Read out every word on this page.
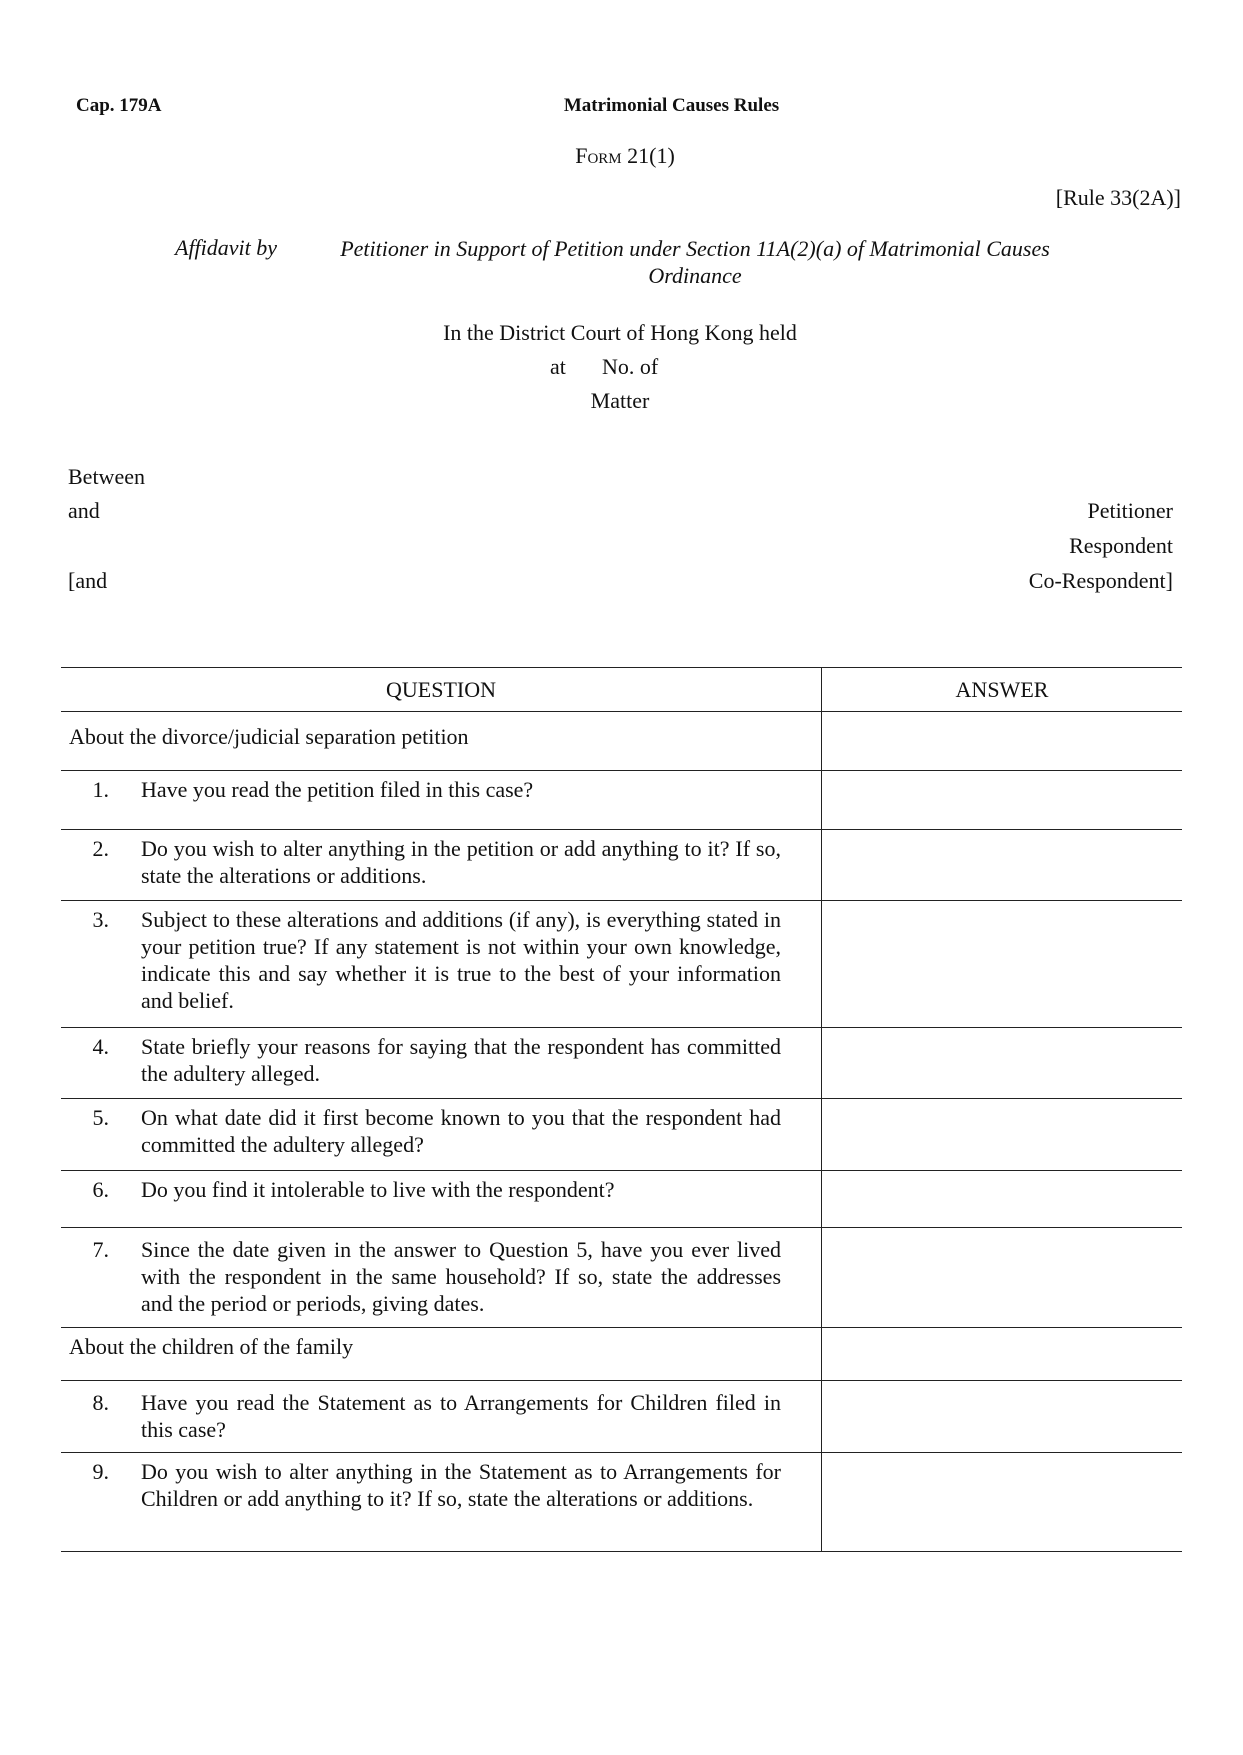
Cap. 179A	Matrimonial Causes Rules
Form 21(1)
[Rule 33(2A)]
Affidavit by	Petitioner in Support of Petition under Section 11A(2)(a) of Matrimonial Causes Ordinance
In the District Court of Hong Kong held
at No. of
Matter
Between
and
[and
Petitioner
Respondent
Co-Respondent]
QUESTION	ANSWER
About the divorce/judicial separation petition	

1. Have you read the petition filed in this case?	

2. Do you wish to alter anything in the petition or add anything to it? If so, state the alterations or additions.	

3. Subject to these alterations and additions (if any), is everything stated in your petition true? If any statement is not within your own knowledge, indicate this and say whether it is true to the best of your information and belief.	

4. State briefly your reasons for saying that the respondent has committed the adultery alleged.	

5. On what date did it first become known to you that the respondent had committed the adultery alleged?	

6. Do you find it intolerable to live with the respondent?	

7. Since the date given in the answer to Question 5, have you ever lived with the respondent in the same household? If so, state the addresses and the period or periods, giving dates.	

About the children of the family	

8. Have you read the Statement as to Arrangements for Children filed in this case?	

9. Do you wish to alter anything in the Statement as to Arrangements for Children or add anything to it? If so, state the alterations or additions.	
